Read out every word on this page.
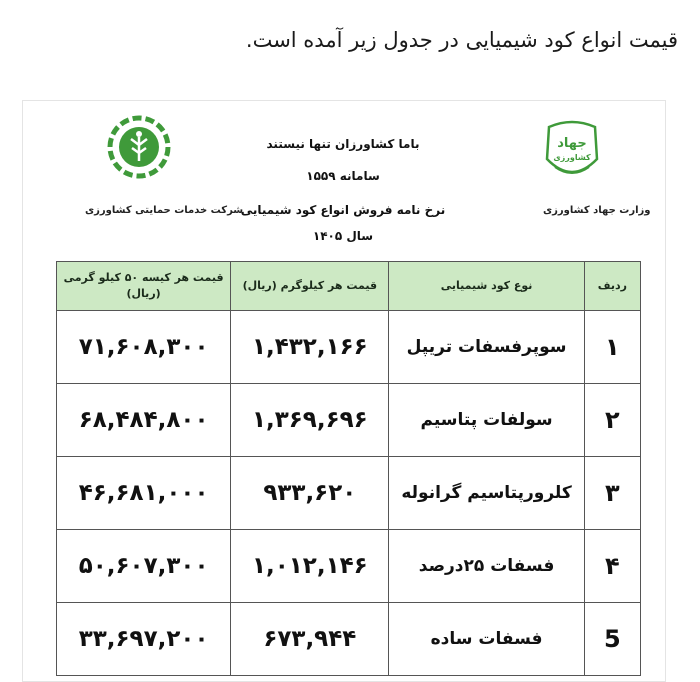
قیمت انواع کود شیمیایی در جدول زیر آمده است.
جهاد
کشاورزی
شرکت خدمات حمایتی کشاورزی	وزارت جهاد کشاورزی
باما کشاورزان تنها نیستند
سامانه ۱۵۵۹
نرخ نامه فروش انواع کود شیمیایی
سال ۱۴۰۵
ردیف	نوع کود شیمیایی	قیمت هر کیلوگرم (ریال)	قیمت هر کیسه ۵۰ کیلو گرمی
(ریال)
۱	سوپرفسفات تریپل	۱,۴۳۲,۱۶۶	۷۱,۶۰۸,۳۰۰
۲	سولفات پتاسیم	۱,۳۶۹,۶۹۶	۶۸,۴۸۴,۸۰۰
۳	کلرورپتاسیم گرانوله	۹۳۳,۶۲۰	۴۶,۶۸۱,۰۰۰
۴	فسفات ۲۵درصد	۱,۰۱۲,۱۴۶	۵۰,۶۰۷,۳۰۰
5	فسفات ساده	۶۷۳,۹۴۴	۳۳,۶۹۷,۲۰۰
